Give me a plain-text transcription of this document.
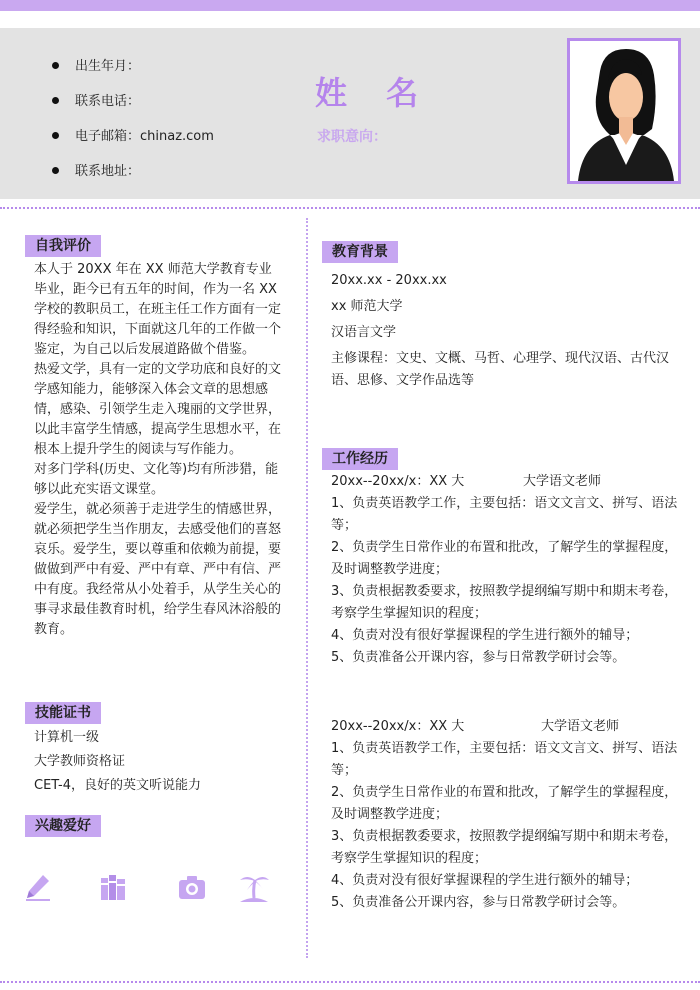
出生年月：
联系电话：
电子邮箱：chinaz.com
联系地址：
姓 名
求职意向：
自我评价

本人于 20XX 年在 XX 师范大学教育专业毕业，距今已有五年的时间，作为一名 XX 学校的教职员工，在班主任工作方面有一定得经验和知识，下面就这几年的工作做一个鉴定，为自己以后发展道路做个借鉴。

热爱文学，具有一定的文学功底和良好的文学感知能力，能够深入体会文章的思想感情，感染、引领学生走入瑰丽的文学世界，以此丰富学生情感，提高学生思想水平，在根本上提升学生的阅读与写作能力。

对多门学科(历史、文化等)均有所涉猎，能够以此充实语文课堂。

爱学生，就必须善于走进学生的情感世界，就必须把学生当作朋友，去感受他们的喜怒哀乐。爱学生，要以尊重和依赖为前提，要做做到严中有爱、严中有章、严中有信、严中有度。我经常从小处着手，从学生关心的事寻求最佳教育时机，给学生春风沐浴般的教育。

技能证书

计算机一级

大学教师资格证

CET-4，良好的英文听说能力

兴趣爱好
教育背景

20xx.xx - 20xx.xx

xx 师范大学

汉语言文学

主修课程：文史、文概、马哲、心理学、现代汉语、古代汉语、思修、文学作品选等

工作经历

20xx--20xx/x：XX 大	大学语文老师

1、负责英语教学工作，主要包括：语文文言文、拼写、语法等；

2、负责学生日常作业的布置和批改，了解学生的掌握程度，及时调整教学进度；

3、负责根据教委要求，按照教学提纲编写期中和期末考卷，考察学生掌握知识的程度；

4、负责对没有很好掌握课程的学生进行额外的辅导；

5、负责准备公开课内容，参与日常教学研讨会等。

20xx--20xx/x：XX 大	大学语文老师

1、负责英语教学工作，主要包括：语文文言文、拼写、语法等；

2、负责学生日常作业的布置和批改，了解学生的掌握程度，及时调整教学进度；

3、负责根据教委要求，按照教学提纲编写期中和期末考卷，考察学生掌握知识的程度；

4、负责对没有很好掌握课程的学生进行额外的辅导；

5、负责准备公开课内容，参与日常教学研讨会等。
